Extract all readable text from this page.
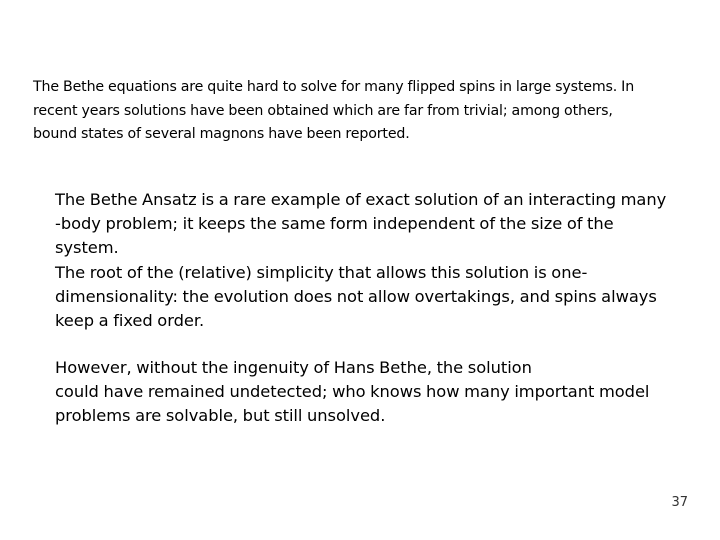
The Bethe equations are quite hard to solve for many flipped spins in large systems. In
recent years solutions have been obtained which are far from trivial; among others,
bound states of several magnons have been reported.

The Bethe Ansatz is a rare example of exact solution of an interacting many
-body problem; it keeps the same form independent of the size of the
system.

The root of the (relative) simplicity that allows this solution is one-
dimensionality: the evolution does not allow overtakings, and spins always
keep a fixed order.

However, without the ingenuity of Hans Bethe, the solution
could have remained undetected; who knows how many important model
problems are solvable, but still unsolved.
37
